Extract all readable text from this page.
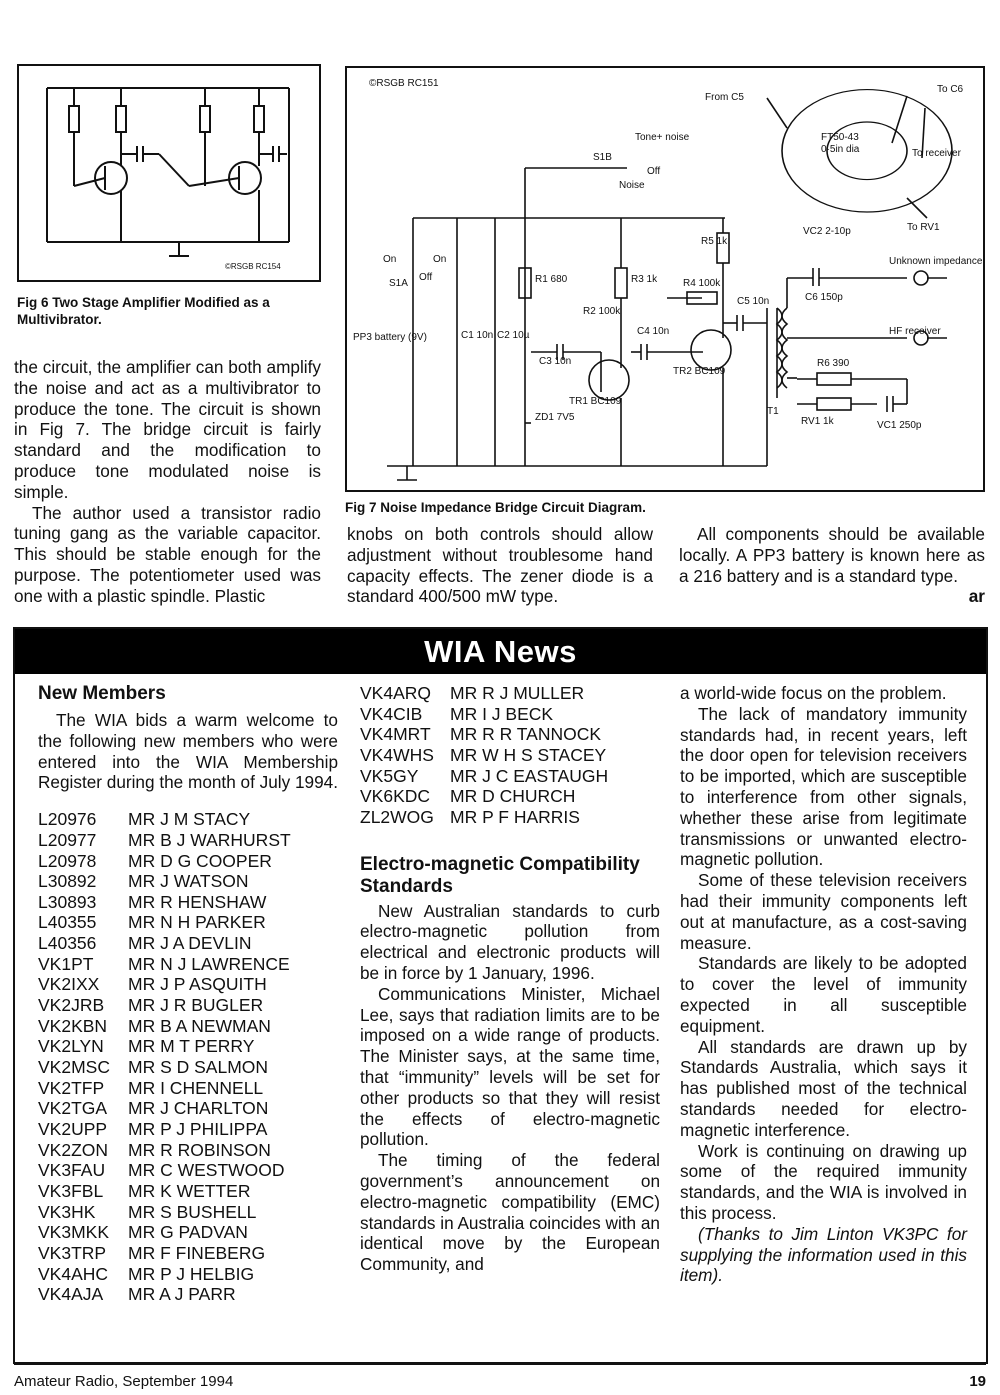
©RSGB RC154
Fig 6 Two Stage Amplifier Modified as a Multivibrator.
©RSGB RC151
From C5
To C6
To receiver
To RV1
FT50-43
0·5in dia
Tone+ noise
Off
Noise
S1B
On	On
S1A
Off
PP3 battery (9V)	C1 10n C2 10µ
R1 680	R3 1k
R5 1k
R2 100k
R4 100k
C3 10n
C4 10n
C5 10n
ZD1 7V5
TR1 BC109
TR2 BC109
VC2 2-10p
C6 150p
Unknown impedance
HF receiver
R6 390
RV1 1k	VC1 250p
T1
Fig 7 Noise Impedance Bridge Circuit Diagram.

the circuit, the amplifier can both amplify the noise and act as a multivibrator to produce the tone. The circuit is shown in Fig 7. The bridge circuit is fairly standard and the modification to produce tone modulated noise is simple.

The author used a transistor radio tuning gang as the variable capacitor. This should be stable enough for the purpose. The potentiometer used was one with a plastic spindle. Plastic

knobs on both controls should allow adjustment without troublesome hand capacity effects. The zener diode is a standard 400/500 mW type.

All components should be available locally. A PP3 battery is known here as a 216 battery and is a standard type.
ar

WIA News
New Members

The WIA bids a warm welcome to the following new members who were entered into the WIA Membership Register during the month of July 1994.

L20976	MR J M STACY
L20977	MR B J WARHURST
L20978	MR D G COOPER
L30892	MR J WATSON
L30893	MR R HENSHAW
L40355	MR N H PARKER
L40356	MR J A DEVLIN
VK1PT	MR N J LAWRENCE
VK2IXX	MR J P ASQUITH
VK2JRB	MR J R BUGLER
VK2KBN	MR B A NEWMAN
VK2LYN	MR M T PERRY
VK2MSC	MR S D SALMON
VK2TFP	MR I CHENNELL
VK2TGA	MR J CHARLTON
VK2UPP	MR P J PHILIPPA
VK2ZON	MR R ROBINSON
VK3FAU	MR C WESTWOOD
VK3FBL	MR K WETTER
VK3HK	MR S BUSHELL
VK3MKK	MR G PADVAN
VK3TRP	MR F FINEBERG
VK4AHC	MR P J HELBIG
VK4AJA	MR A J PARR
VK4ARQ	MR R J MULLER
VK4CIB	MR I J BECK
VK4MRT	MR R R TANNOCK
VK4WHS MR W H S STACEY
VK5GY	MR J C EASTAUGH
VK6KDC	MR D CHURCH
ZL2WOG MR P F HARRIS
Electro-magnetic Compatibility Standards

New Australian standards to curb electro-magnetic pollution from electrical and electronic products will be in force by 1 January, 1996.

Communications Minister, Michael Lee, says that radiation limits are to be imposed on a wide range of products. The Minister says, at the same time, that “immunity” levels will be set for other products so that they will resist the effects of electro-magnetic pollution.

The timing of the federal government’s announcement on electro-magnetic compatibility (EMC) standards in Australia coincides with an identical move by the European Community, and

a world-wide focus on the problem.

The lack of mandatory immunity standards had, in recent years, left the door open for television receivers to be imported, which are susceptible to interference from other signals, whether these arise from legitimate transmissions or unwanted electro-magnetic pollution.

Some of these television receivers had their immunity components left out at manufacture, as a cost-saving measure.

Standards are likely to be adopted to cover the level of immunity expected in all susceptible equipment.

All standards are drawn up by Standards Australia, which says it has published most of the technical standards needed for electro-magnetic interference.

Work is continuing on drawing up some of the required immunity standards, and the WIA is involved in this process.

(Thanks to Jim Linton VK3PC for supplying the information used in this item).

Amateur Radio, September 1994	19
